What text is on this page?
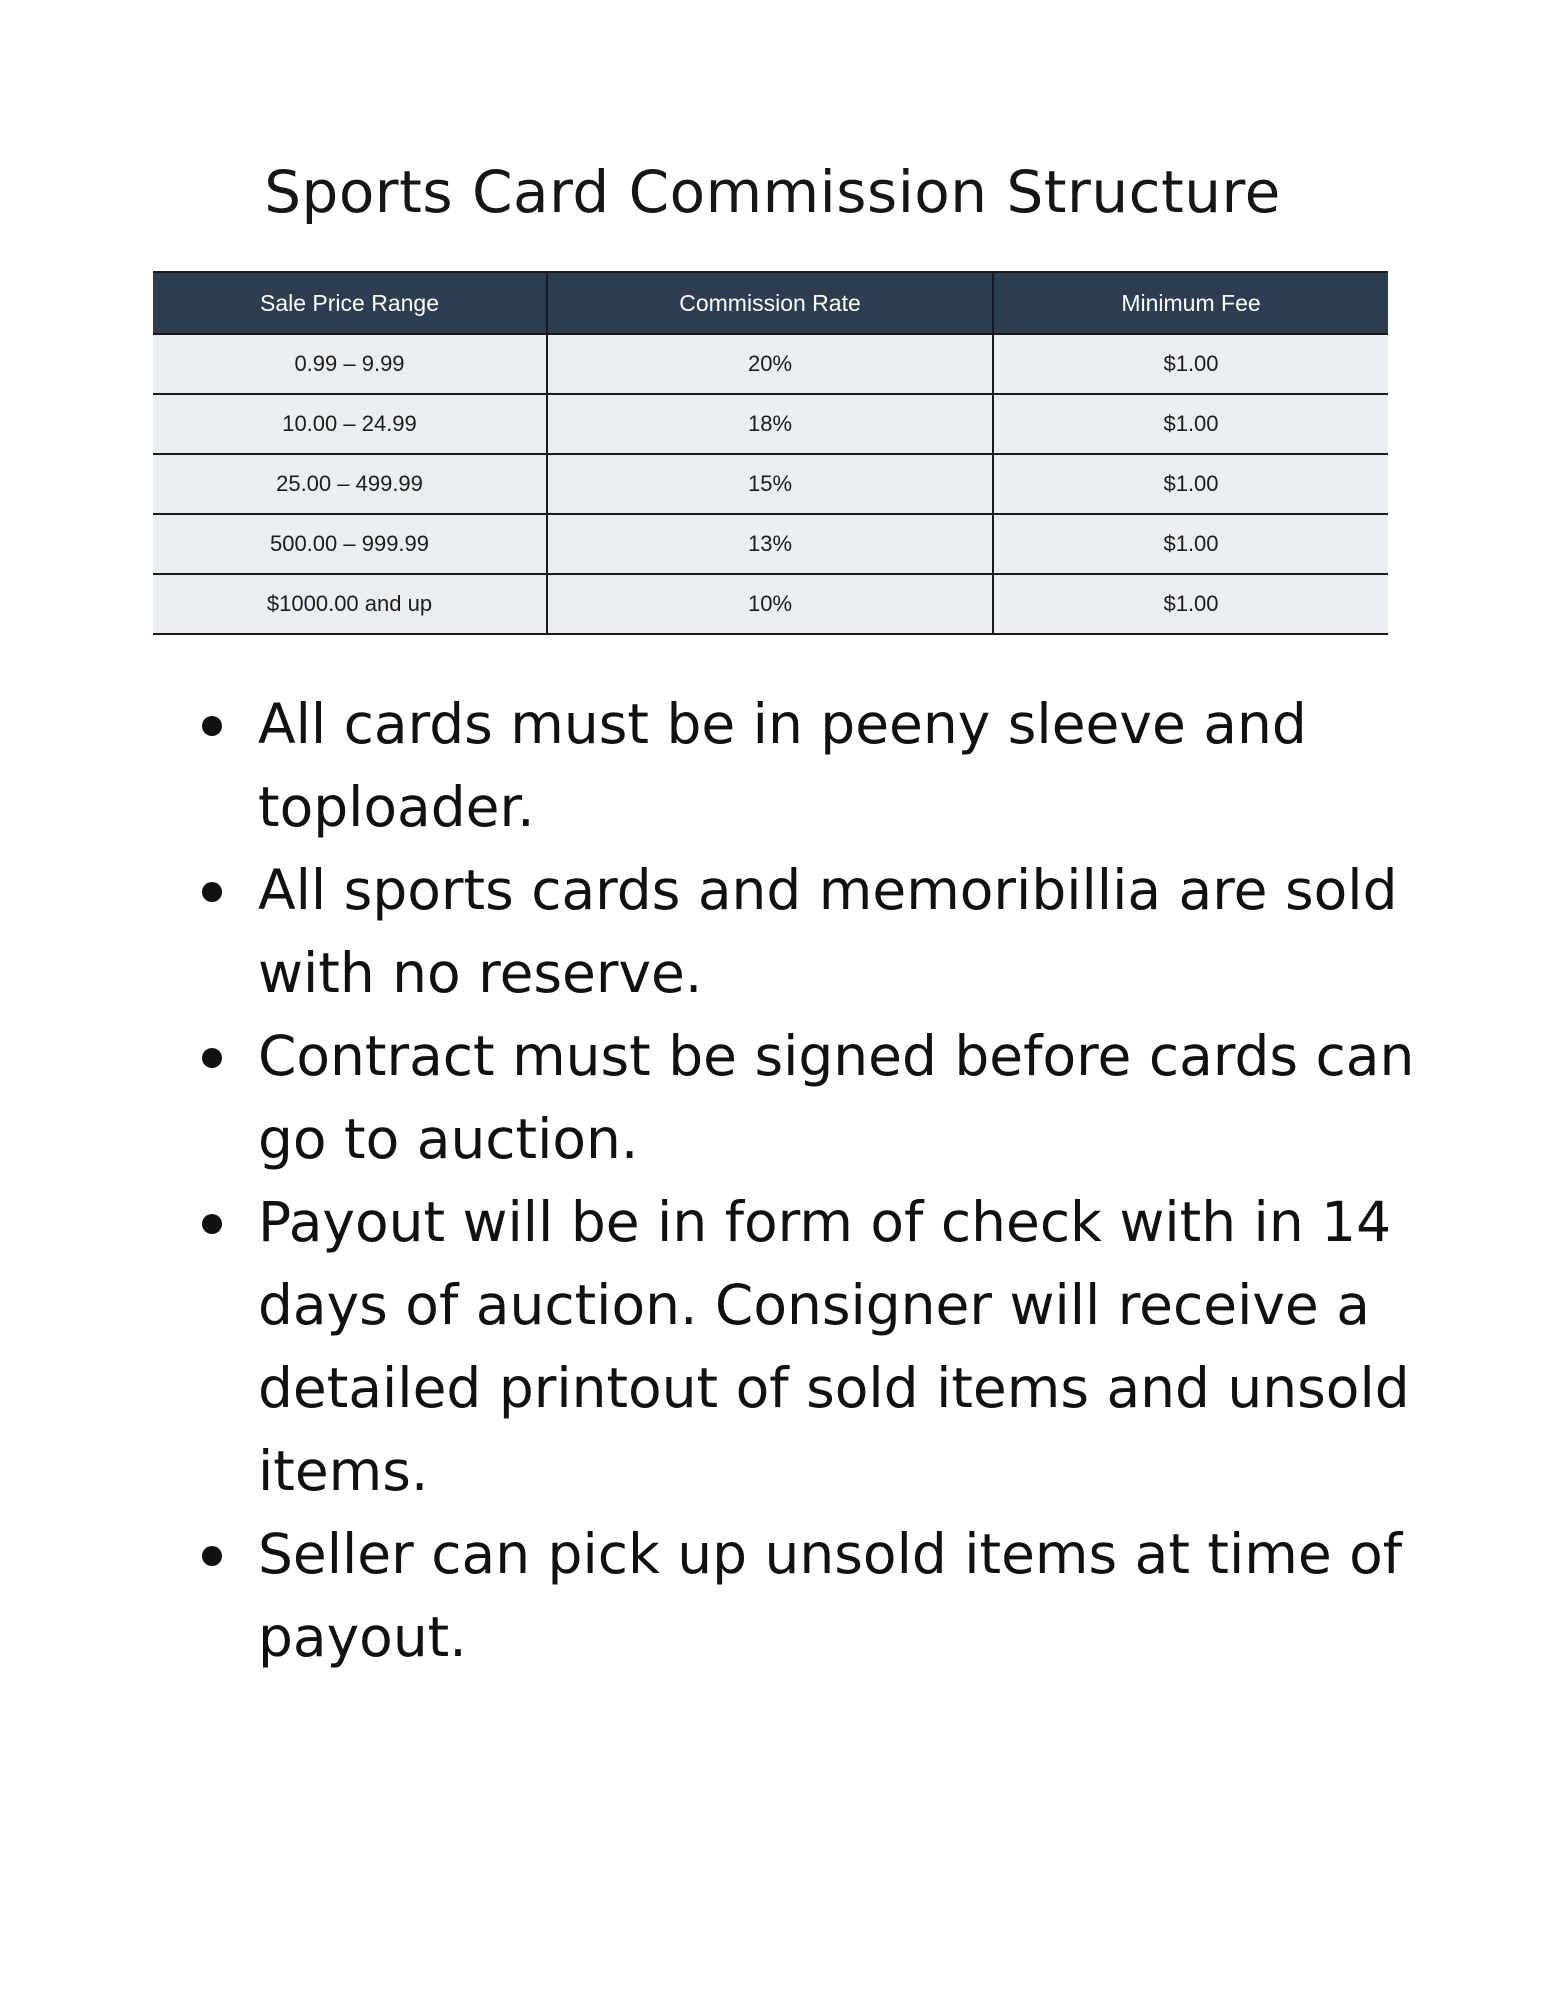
Sports Card Commission Structure
Sale Price Range	Commission Rate	Minimum Fee
0.99 – 9.99	20%	$1.00
10.00 – 24.99	18%	$1.00
25.00 – 499.99	15%	$1.00
500.00 – 999.99	13%	$1.00
$1000.00 and up	10%	$1.00
All cards must be in peeny sleeve and toploader.
All sports cards and memoribillia are sold with no reserve.
Contract must be signed before cards can go to auction.
Payout will be in form of check with in 14 days of auction. Consigner will receive a detailed printout of sold items and unsold items.
Seller can pick up unsold items at time of payout.
